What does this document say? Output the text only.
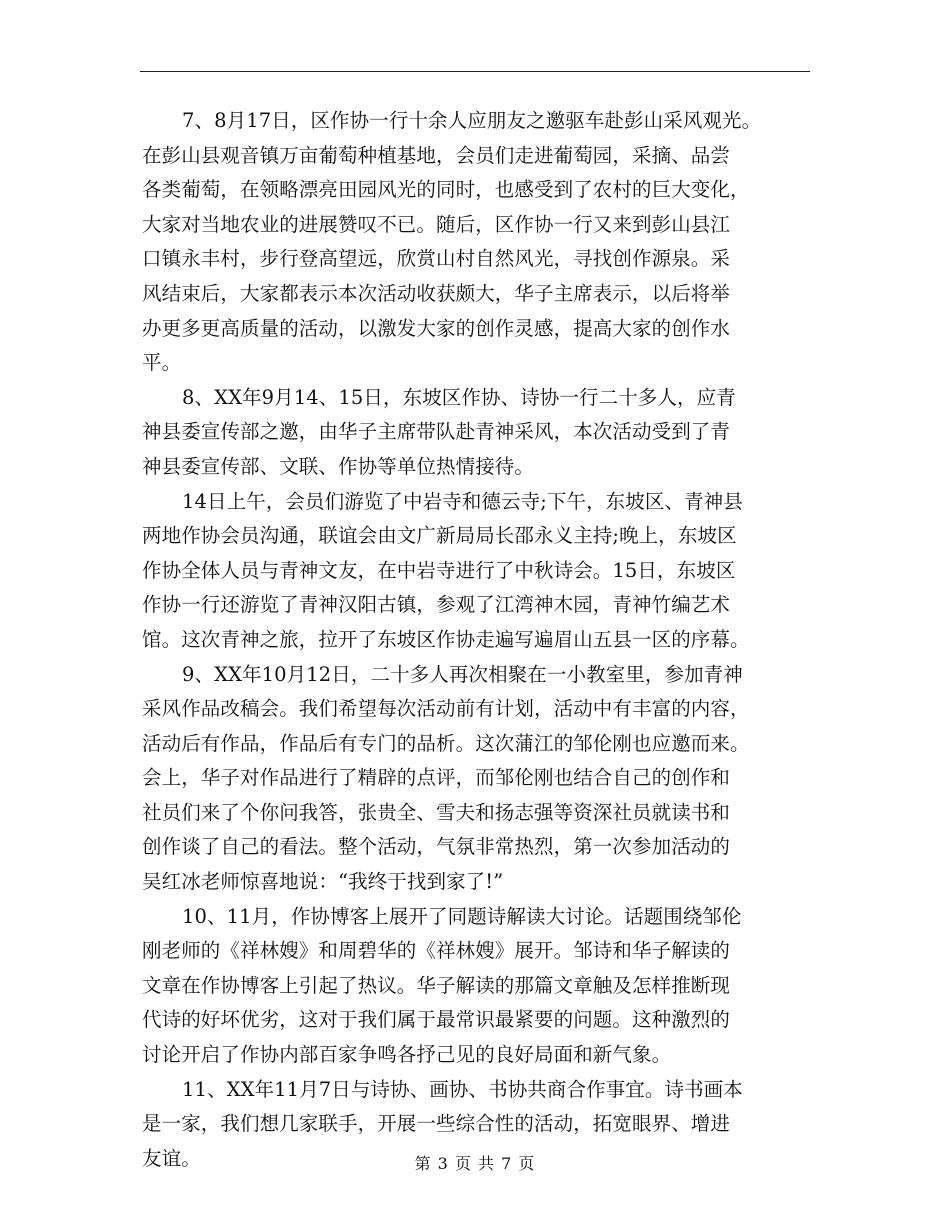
7、8月17日，区作协一行十余人应朋友之邀驱车赴彭山采风观光。
在彭山县观音镇万亩葡萄种植基地，会员们走进葡萄园，采摘、品尝
各类葡萄，在领略漂亮田园风光的同时，也感受到了农村的巨大变化，
大家对当地农业的进展赞叹不已。随后，区作协一行又来到彭山县江
口镇永丰村，步行登高望远，欣赏山村自然风光，寻找创作源泉。采
风结束后，大家都表示本次活动收获颇大，华子主席表示，以后将举
办更多更高质量的活动，以激发大家的创作灵感，提高大家的创作水
平。
8、XX年9月14、15日，东坡区作协、诗协一行二十多人，应青
神县委宣传部之邀，由华子主席带队赴青神采风，本次活动受到了青
神县委宣传部、文联、作协等单位热情接待。
14日上午，会员们游览了中岩寺和德云寺;下午，东坡区、青神县
两地作协会员沟通，联谊会由文广新局局长邵永义主持;晚上，东坡区
作协全体人员与青神文友，在中岩寺进行了中秋诗会。15日，东坡区
作协一行还游览了青神汉阳古镇，参观了江湾神木园，青神竹编艺术
馆。这次青神之旅，拉开了东坡区作协走遍写遍眉山五县一区的序幕。
9、XX年10月12日，二十多人再次相聚在一小教室里，参加青神
采风作品改稿会。我们希望每次活动前有计划，活动中有丰富的内容，
活动后有作品，作品后有专门的品析。这次蒲江的邹伦刚也应邀而来。
会上，华子对作品进行了精辟的点评，而邹伦刚也结合自己的创作和
社员们来了个你问我答，张贵全、雪夫和扬志强等资深社员就读书和
创作谈了自己的看法。整个活动，气氛非常热烈，第一次参加活动的
吴红冰老师惊喜地说：“我终于找到家了!”
10、11月，作协博客上展开了同题诗解读大讨论。话题围绕邹伦
刚老师的《祥林嫂》和周碧华的《祥林嫂》展开。邹诗和华子解读的
文章在作协博客上引起了热议。华子解读的那篇文章触及怎样推断现
代诗的好坏优劣，这对于我们属于最常识最紧要的问题。这种激烈的
讨论开启了作协内部百家争鸣各抒己见的良好局面和新气象。
11、XX年11月7日与诗协、画协、书协共商合作事宜。诗书画本
是一家，我们想几家联手，开展一些综合性的活动，拓宽眼界、增进
友谊。	第 3 页 共 7 页
